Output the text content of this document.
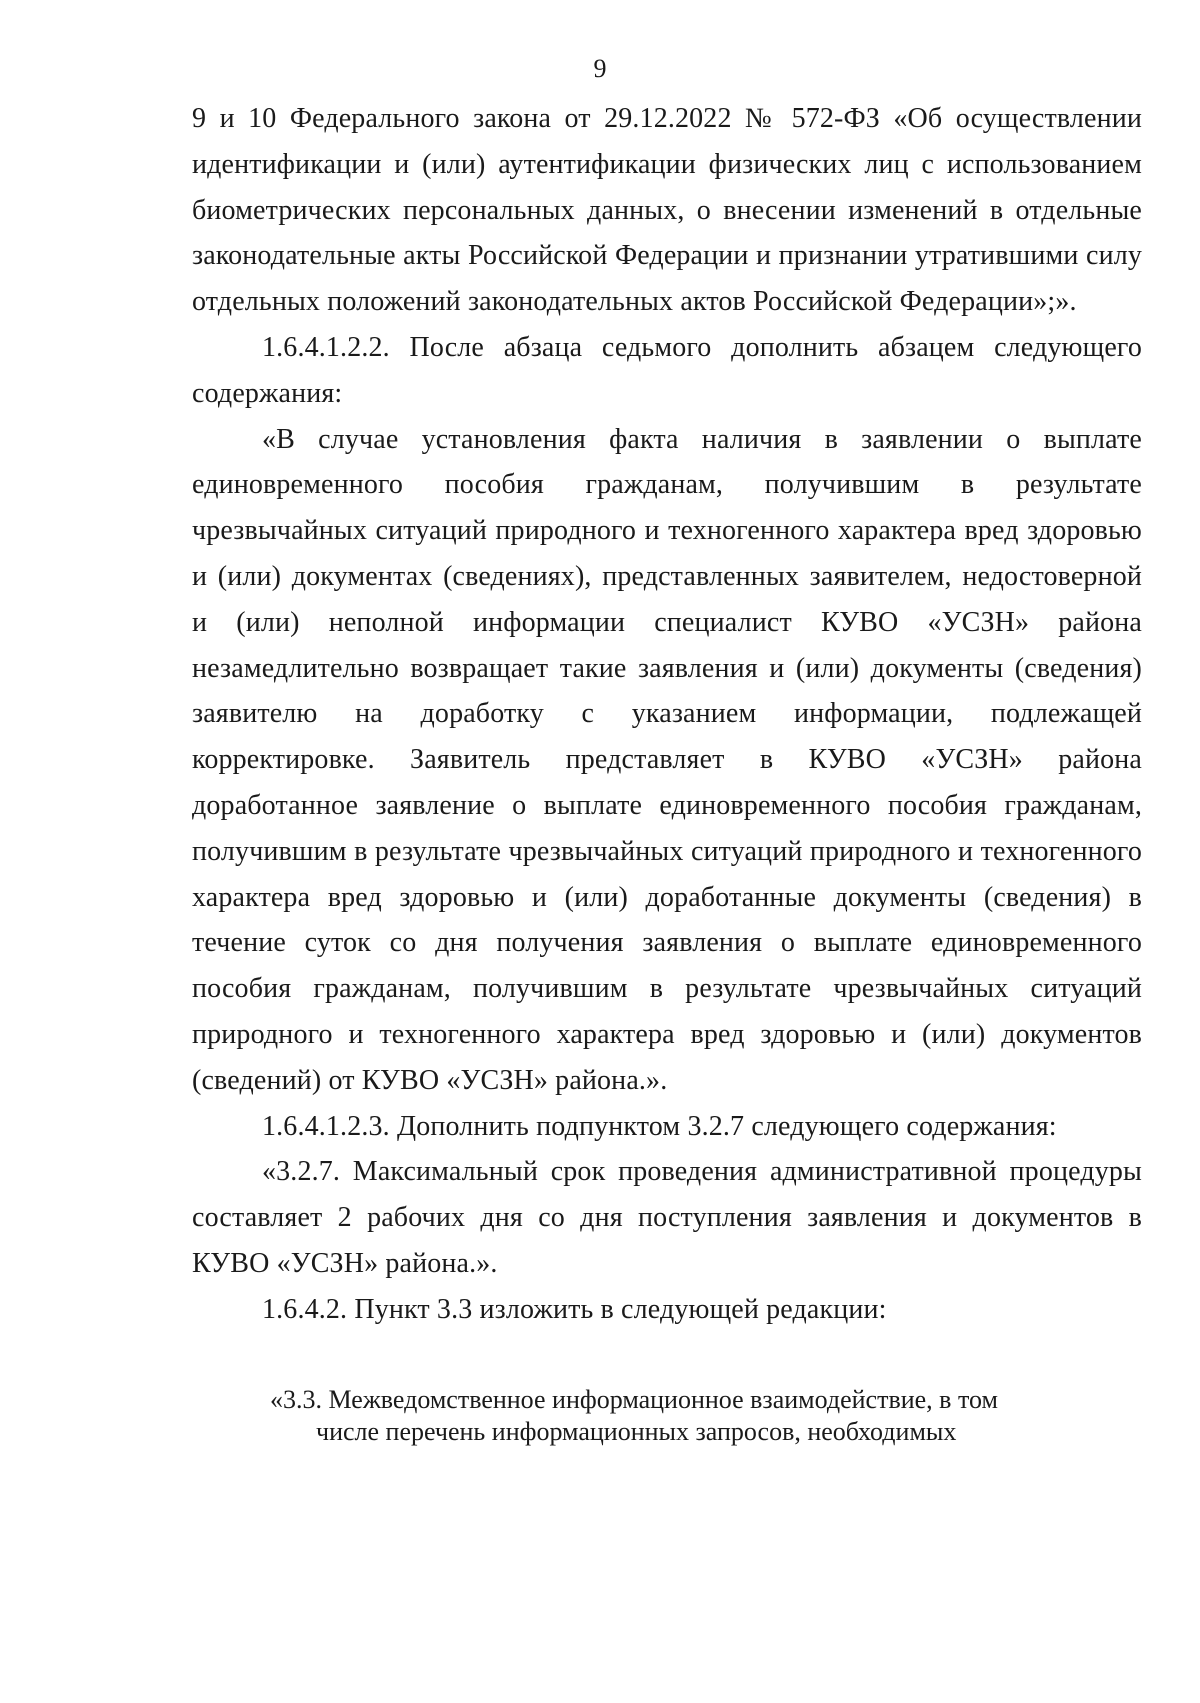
9

9 и 10 Федерального закона от 29.12.2022 № 572-ФЗ «Об осуществлении идентификации и (или) аутентификации физических лиц с использованием биометрических персональных данных, о внесении изменений в отдельные законодательные акты Российской Федерации и признании утратившими силу отдельных положений законодательных актов Российской Федерации»;».

1.6.4.1.2.2. После абзаца седьмого дополнить абзацем следующего содержания:

«В случае установления факта наличия в заявлении о выплате единовременного пособия гражданам, получившим в результате чрезвычайных ситуаций природного и техногенного характера вред здоровью и (или) документах (сведениях), представленных заявителем, недостоверной и (или) неполной информации специалист КУВО «УСЗН» района незамедлительно возвращает такие заявления и (или) документы (сведения) заявителю на доработку с указанием информации, подлежащей корректировке. Заявитель представляет в КУВО «УСЗН» района доработанное заявление о выплате единовременного пособия гражданам, получившим в результате чрезвычайных ситуаций природного и техногенного характера вред здоровью и (или) доработанные документы (сведения) в течение суток со дня получения заявления о выплате единовременного пособия гражданам, получившим в результате чрезвычайных ситуаций природного и техногенного характера вред здоровью и (или) документов (сведений) от КУВО «УСЗН» района.».

1.6.4.1.2.3. Дополнить подпунктом 3.2.7 следующего содержания:

«3.2.7. Максимальный срок проведения административной процедуры составляет 2 рабочих дня со дня поступления заявления и документов в КУВО «УСЗН» района.».

1.6.4.2. Пункт 3.3 изложить в следующей редакции:

«3.3. Межведомственное информационное взаимодействие, в том
числе перечень информационных запросов, необходимых
